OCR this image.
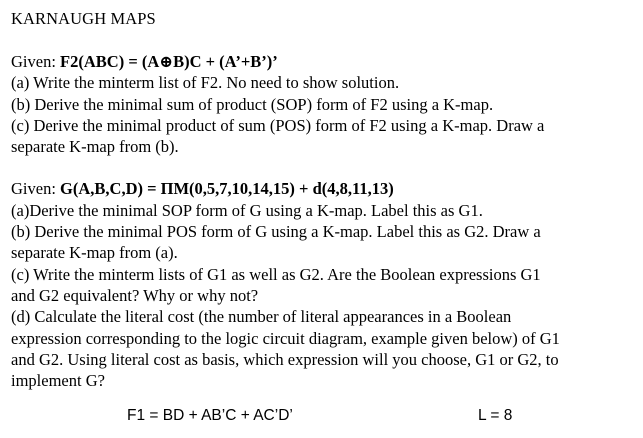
KARNAUGH MAPS
Given: F2(ABC) = (A⊕B)C + (A’+B’)’
(a) Write the minterm list of F2. No need to show solution.
(b) Derive the minimal sum of product (SOP) form of F2 using a K-map.
(c) Derive the minimal product of sum (POS) form of F2 using a K-map. Draw a
separate K-map from (b).
Given: G(A,B,C,D) = ΠM(0,5,7,10,14,15) + d(4,8,11,13)
(a)Derive the minimal SOP form of G using a K-map. Label this as G1.
(b) Derive the minimal POS form of G using a K-map. Label this as G2. Draw a
separate K-map from (a).
(c) Write the minterm lists of G1 as well as G2. Are the Boolean expressions G1
and G2 equivalent? Why or why not?
(d) Calculate the literal cost (the number of literal appearances in a Boolean
expression corresponding to the logic circuit diagram, example given below) of G1
and G2. Using literal cost as basis, which expression will you choose, G1 or G2, to
implement G?
F1 = BD + AB’C + AC’D’	L = 8
